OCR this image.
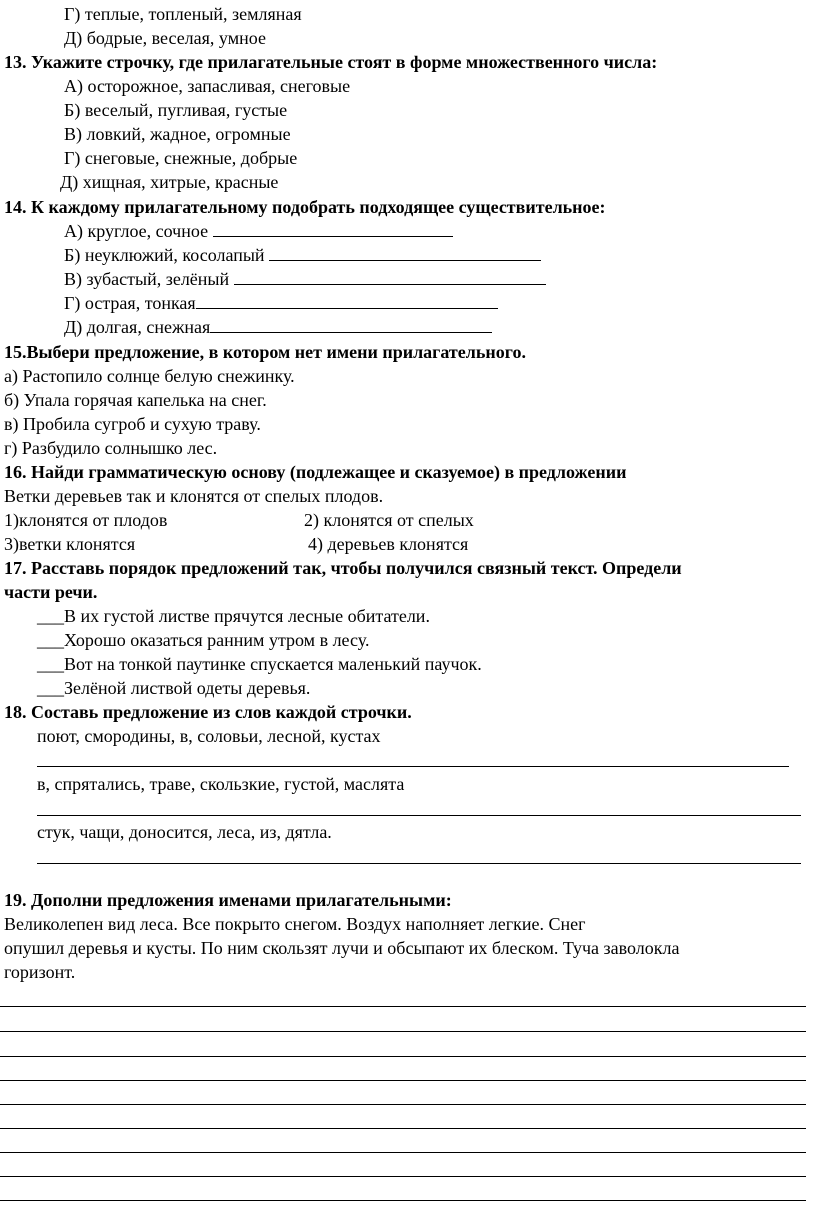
Г) теплые, топленый, земляная
Д) бодрые, веселая, умное
13. Укажите строчку, где прилагательные стоят в форме множественного числа:
А) осторожное, запасливая, снеговые
Б) веселый, пугливая, густые
В) ловкий, жадное, огромные
Г) снеговые, снежные, добрые
Д) хищная, хитрые, красные
14. К каждому прилагательному подобрать подходящее существительное:
А) круглое, сочное
Б) неуклюжий, косолапый
В) зубастый, зелёный
Г) острая, тонкая
Д) долгая, снежная
15.Выбери предложение, в котором нет имени прилагательного.
а) Растопило солнце белую снежинку.
б) Упала горячая капелька на снег.
в) Пробила сугроб и сухую траву.
г) Разбудило солнышко лес.
16. Найди грамматическую основу (подлежащее и сказуемое) в предложении
Ветки деревьев так и клонятся от спелых плодов.
1)клонятся от плодов	2) клонятся от спелых
3)ветки клонятся	4) деревьев клонятся
17. Расставь порядок предложений так, чтобы получился связный текст. Определи
части речи.
___В их густой листве прячутся лесные обитатели.
___Хорошо оказаться ранним утром в лесу.
___Вот на тонкой паутинке спускается маленький паучок.
___Зелёной листвой одеты деревья.
18. Составь предложение из слов каждой строчки.
поют, смородины, в, соловьи, лесной, кустах
в, спрятались, траве, скользкие, густой, маслята
стук, чащи, доносится, леса, из, дятла.
19. Дополни предложения именами прилагательными:
Великолепен вид леса. Все покрыто снегом. Воздух наполняет легкие. Снег
опушил деревья и кусты. По ним скользят лучи и обсыпают их блеском. Туча заволокла
горизонт.
